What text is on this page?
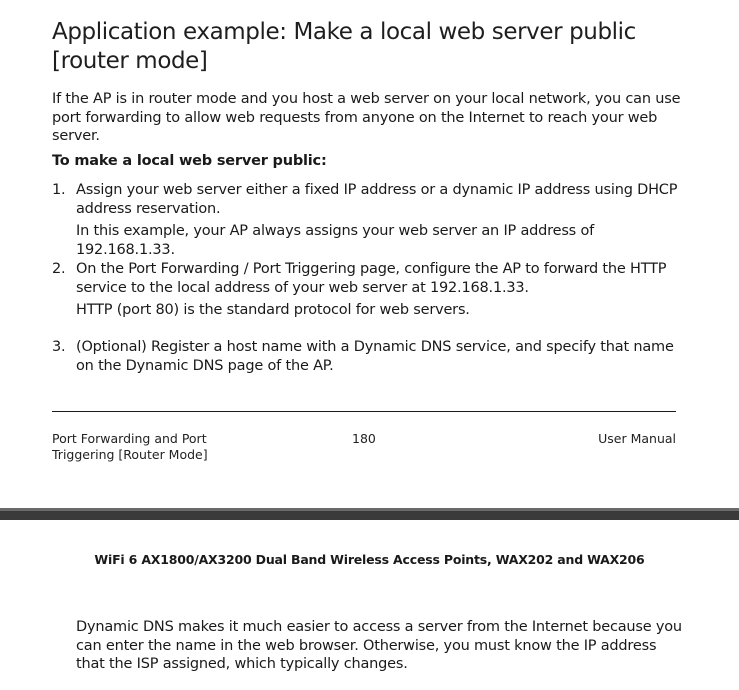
Application example: Make a local web server public [router mode]

If the AP is in router mode and you host a web server on your local network, you can use port forwarding to allow web requests from anyone on the Internet to reach your web server.

To make a local web server public:

1. Assign your web server either a fixed IP address or a dynamic IP address using DHCP address reservation.
In this example, your AP always assigns your web server an IP address of 192.168.1.33.
2. On the Port Forwarding / Port Triggering page, configure the AP to forward the HTTP service to the local address of your web server at 192.168.1.33.
HTTP (port 80) is the standard protocol for web servers.
3. (Optional) Register a host name with a Dynamic DNS service, and specify that name on the Dynamic DNS page of the AP.
Port Forwarding and Port Triggering [Router Mode]
180	User Manual
WiFi 6 AX1800/AX3200 Dual Band Wireless Access Points, WAX202 and WAX206

Dynamic DNS makes it much easier to access a server from the Internet because you can enter the name in the web browser. Otherwise, you must know the IP address that the ISP assigned, which typically changes.
